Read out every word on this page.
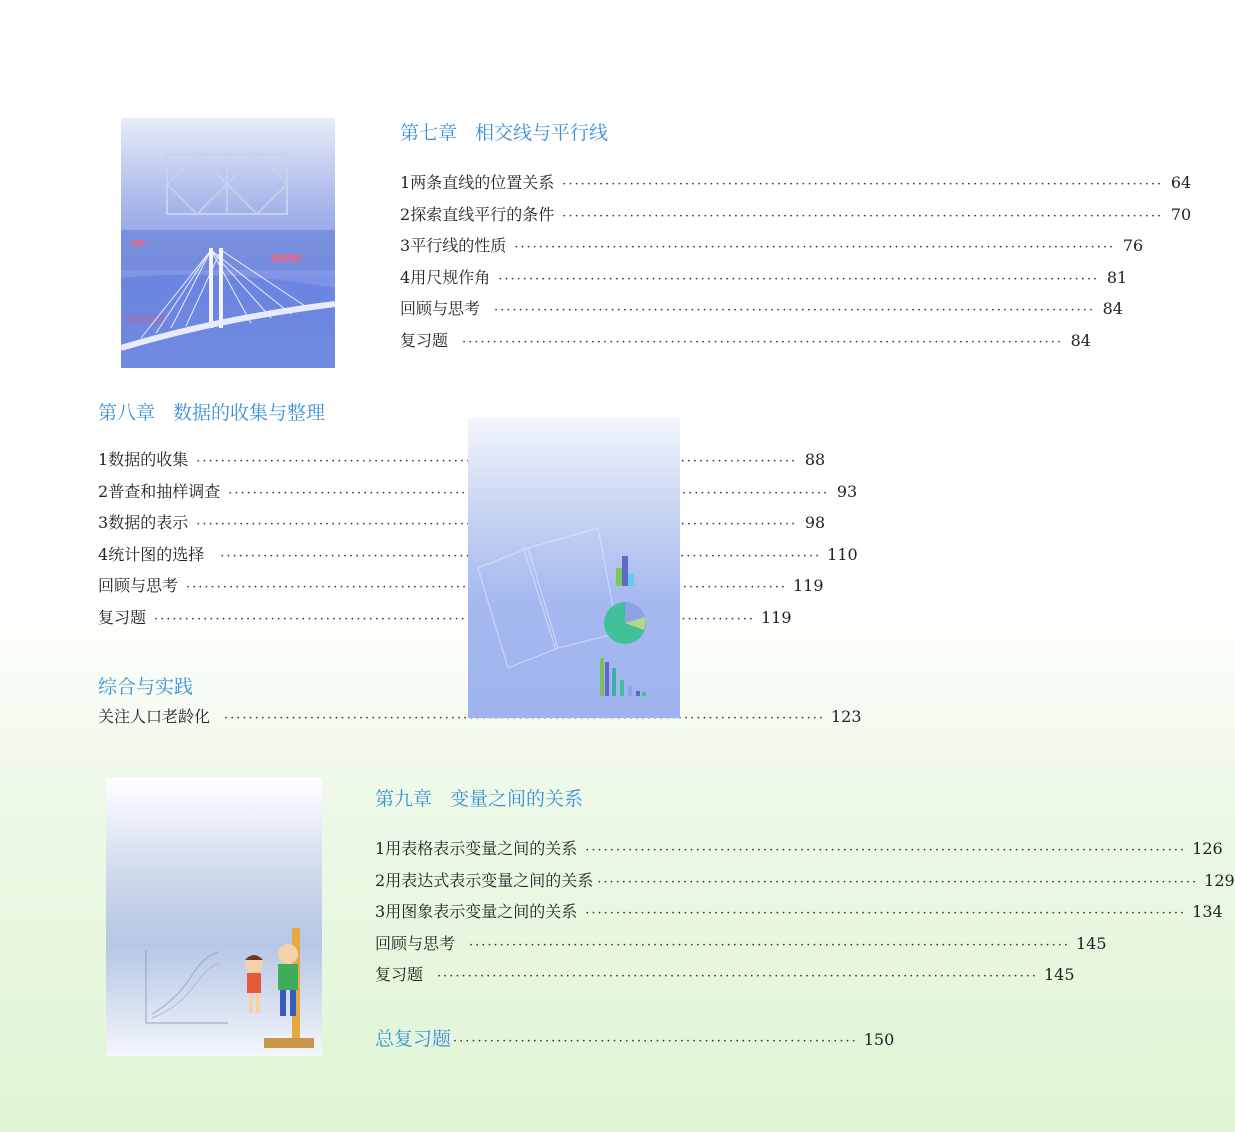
第七章 相交线与平行线
1 两条直线的位置关系 ·····	64
2 探索直线平行的条件 ·····	70
3 平行线的性质 ·····	76
4 用尺规作角 ·····	81
回顾与思考 ·····	84
复习题 ·····	84
第八章 数据的收集与整理
1 数据的收集 ·····	88
2 普查和抽样调查 ·····	93
3 数据的表示 ·····	98
4 统计图的选择 ·····	110
回顾与思考 ·····	119
复习题 ·····	119
综合与实践
关注人口老龄化 ·····	123
第九章 变量之间的关系
1 用表格表示变量之间的关系 ·····	126
2 用表达式表示变量之间的关系 ·····	129
3 用图象表示变量之间的关系 ·····	134
回顾与思考 ·····	145
复习题 ·····	145
总复习题 ·································································· 150
